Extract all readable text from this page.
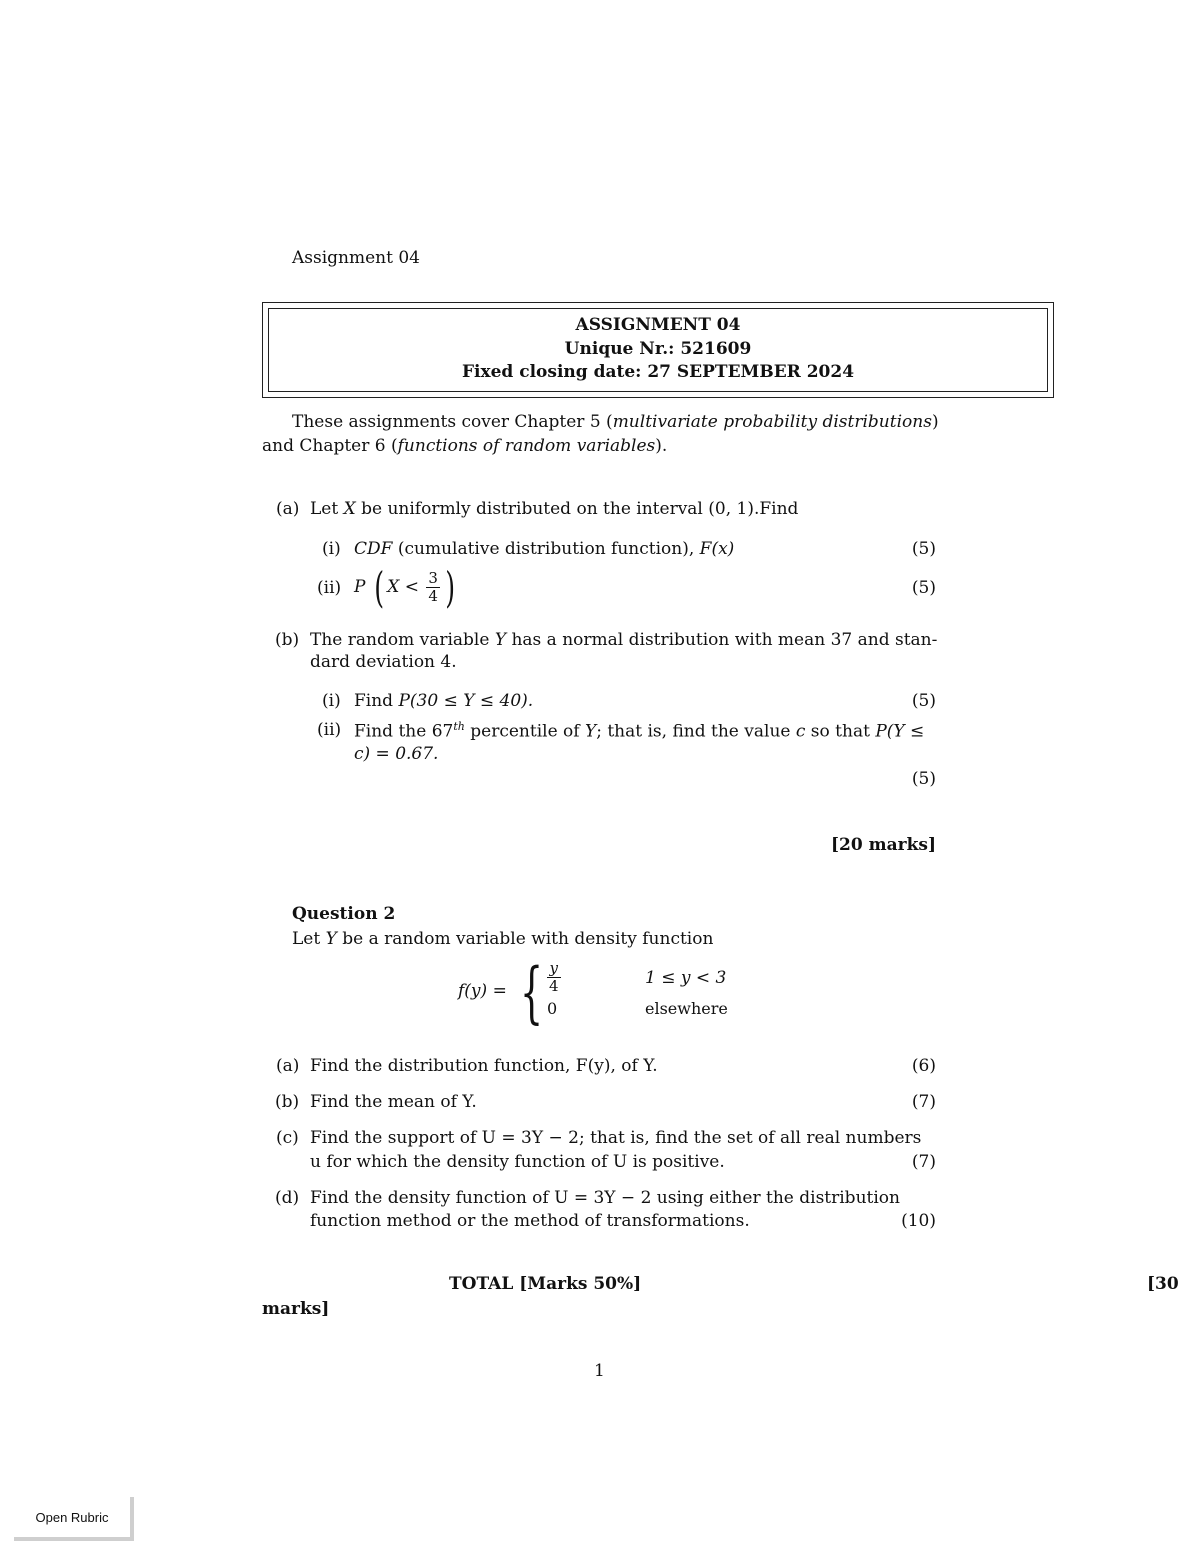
Assignment 04
ASSIGNMENT 04
Unique Nr.: 521609
Fixed closing date: 27 SEPTEMBER 2024
These assignments cover Chapter 5 (multivariate probability distributions)
and Chapter 6 (functions of random variables).
(a) Let X be uniformly distributed on the interval (0, 1).Find
(i) CDF (cumulative distribution function), F(x)	(5)
(ii) P ( $X < \frac{3}{4}$ )	(5)
(b) The random variable Y has a normal distribution with mean 37 and stan-
dard deviation 4.
(i) Find P(30 ≤ Y ≤ 40).	(5)
(ii) Find the 67th percentile of Y; that is, find the value c so that P(Y ≤
c) = 0.67.
(5)
[20 marks]
Question 2
Let Y be a random variable with density function
f(y) = { $\frac{y}{4}$	1 ≤ y < 3
0	elsewhere
(a) Find the distribution function, F(y), of Y.	(6)
(b) Find the mean of Y.	(7)
(c) Find the support of U = 3Y − 2; that is, find the set of all real numbers
u for which the density function of U is positive.	(7)
(d) Find the density function of U = 3Y − 2 using either the distribution
function method or the method of transformations.	(10)
TOTAL [Marks 50%]	[30
marks]
1
Open Rubric
